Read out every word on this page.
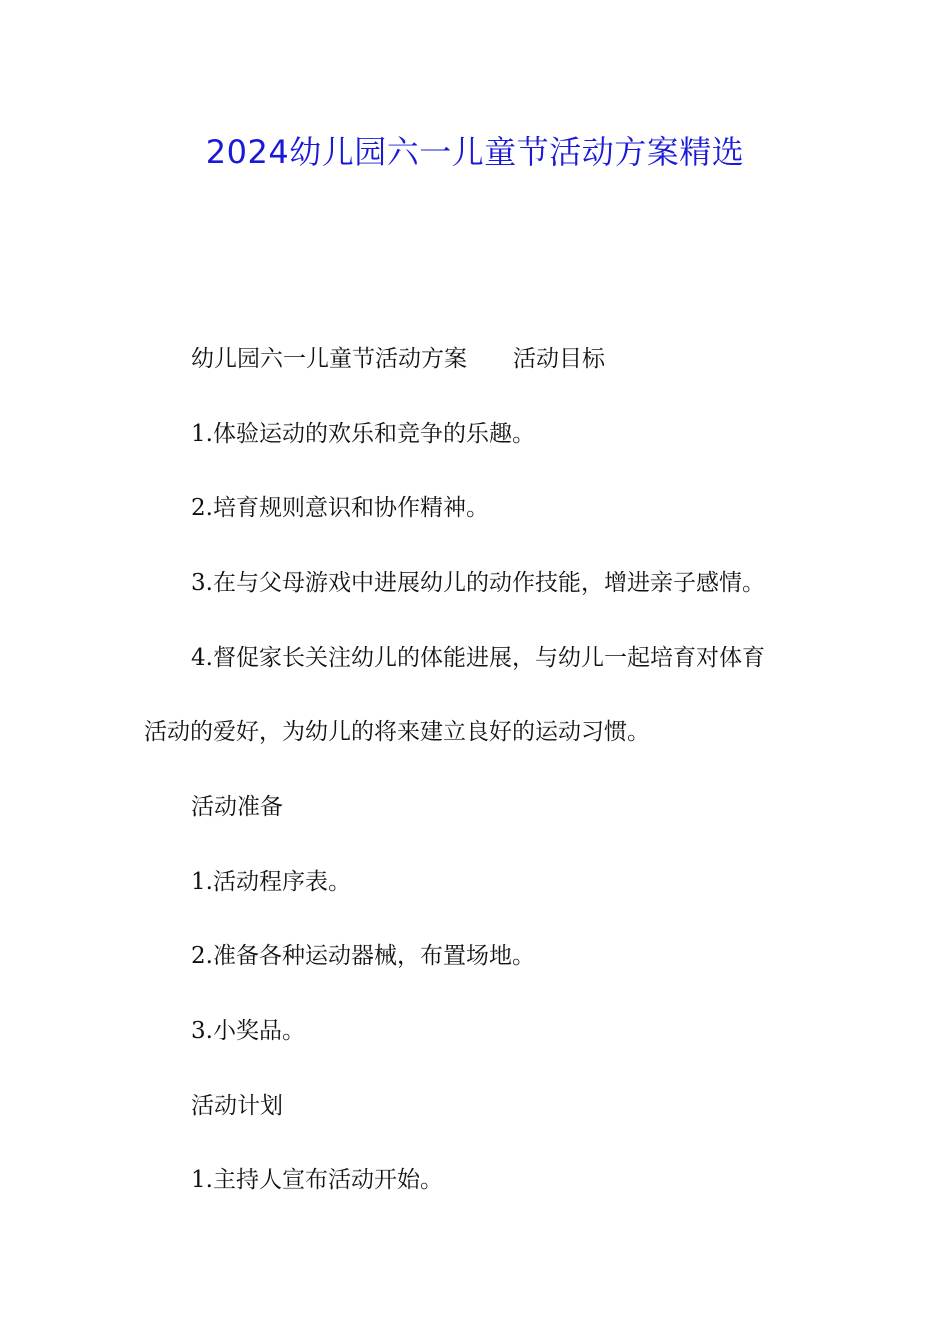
2024幼儿园六一儿童节活动方案精选
幼儿园六一儿童节活动方案 活动目标
1.体验运动的欢乐和竞争的乐趣。
2.培育规则意识和协作精神。
3.在与父母游戏中进展幼儿的动作技能，增进亲子感情。
4.督促家长关注幼儿的体能进展，与幼儿一起培育对体育
活动的爱好，为幼儿的将来建立良好的运动习惯。
活动准备
1.活动程序表。
2.准备各种运动器械，布置场地。
3.小奖品。
活动计划
1.主持人宣布活动开始。
